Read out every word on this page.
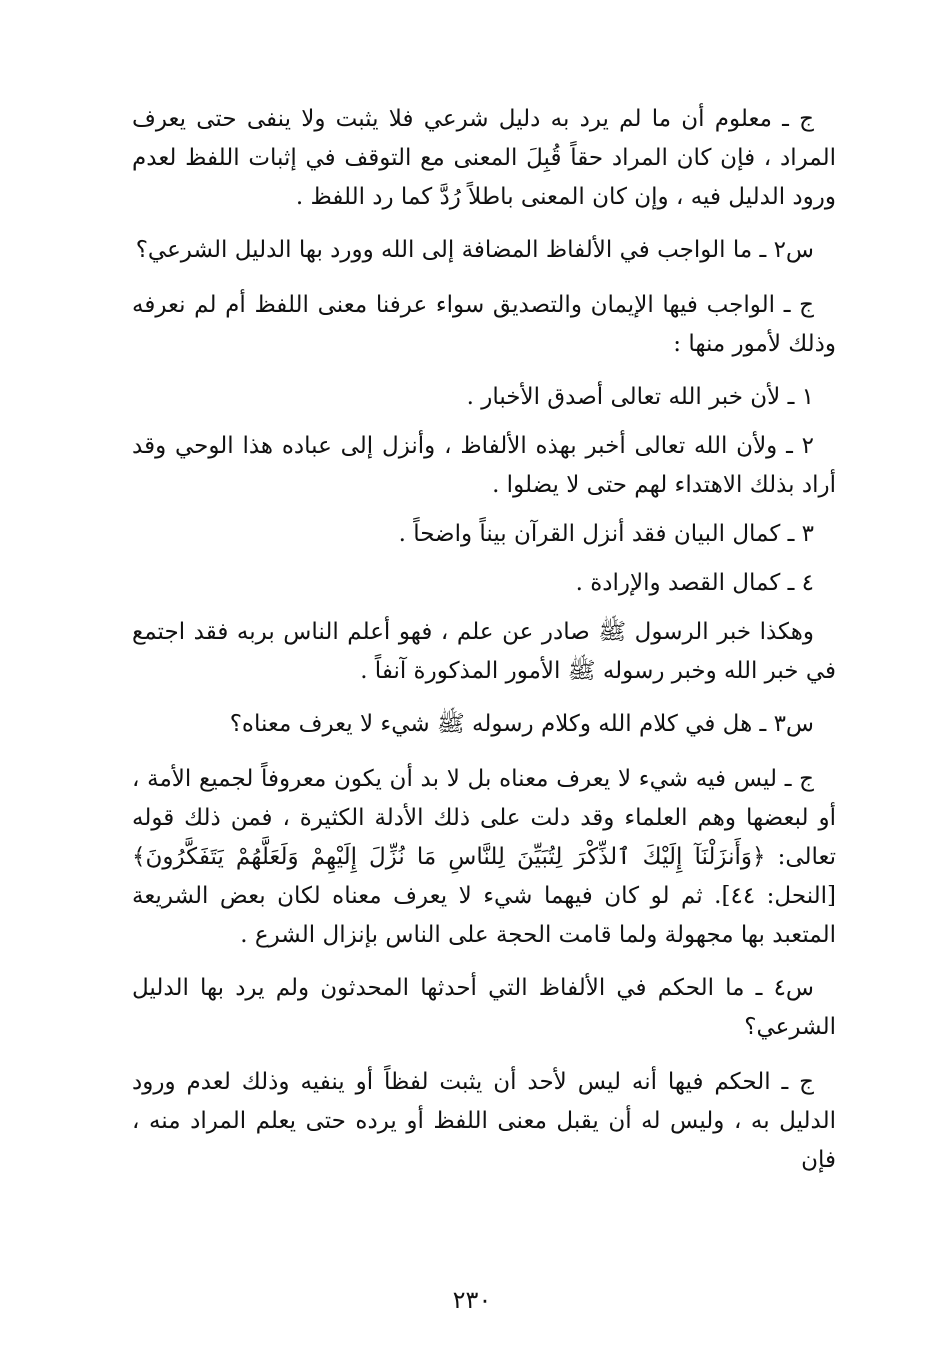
ج ـ معلوم أن ما لم يرد به دليل شرعي فلا يثبت ولا ينفى حتى يعرف المراد ، فإن كان المراد حقاً قُبِلَ المعنى مع التوقف في إثبات اللفظ لعدم ورود الدليل فيه ، وإن كان المعنى باطلاً رُدَّ كما رد اللفظ .

س٢ ـ ما الواجب في الألفاظ المضافة إلى الله وورد بها الدليل الشرعي؟

ج ـ الواجب فيها الإيمان والتصديق سواء عرفنا معنى اللفظ أم لم نعرفه وذلك لأمور منها :

١ ـ لأن خبر الله تعالى أصدق الأخبار .

٢ ـ ولأن الله تعالى أخبر بهذه الألفاظ ، وأنزل إلى عباده هذا الوحي وقد أراد بذلك الاهتداء لهم حتى لا يضلوا .

٣ ـ كمال البيان فقد أنزل القرآن بيناً واضحاً .

٤ ـ كمال القصد والإرادة .

وهكذا خبر الرسول ﷺ صادر عن علم ، فهو أعلم الناس بربه فقد اجتمع في خبر الله وخبر رسوله ﷺ الأمور المذكورة آنفاً .

س٣ ـ هل في كلام الله وكلام رسوله ﷺ شيء لا يعرف معناه؟

ج ـ ليس فيه شيء لا يعرف معناه بل لا بد أن يكون معروفاً لجميع الأمة ، أو لبعضها وهم العلماء وقد دلت على ذلك الأدلة الكثيرة ، فمن ذلك قوله تعالى: ﴿وَأَنزَلْنَآ إِلَيْكَ ٱلذِّكْرَ لِتُبَيِّنَ لِلنَّاسِ مَا نُزِّلَ إِلَيْهِمْ وَلَعَلَّهُمْ يَتَفَكَّرُونَ﴾ [النحل: ٤٤]. ثم لو كان فيهما شيء لا يعرف معناه لكان بعض الشريعة المتعبد بها مجهولة ولما قامت الحجة على الناس بإنزال الشرع .

س٤ ـ ما الحكم في الألفاظ التي أحدثها المحدثون ولم يرد بها الدليل الشرعي؟

ج ـ الحكم فيها أنه ليس لأحد أن يثبت لفظاً أو ينفيه وذلك لعدم ورود الدليل به ، وليس له أن يقبل معنى اللفظ أو يرده حتى يعلم المراد منه ، فإن

٢٣٠
